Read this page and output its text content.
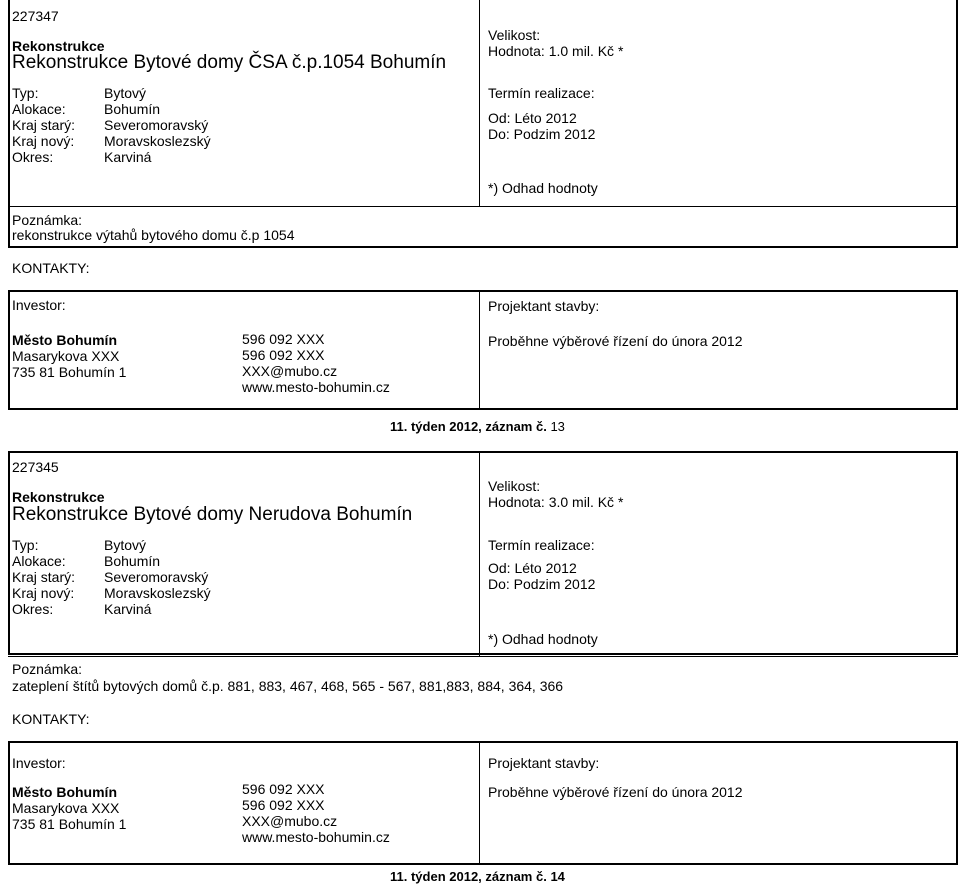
227347
Rekonstrukce
Rekonstrukce Bytové domy ČSA č.p.1054 Bohumín
Typ:	Bytový
Alokace:	Bohumín
Kraj starý: Severomoravský
Kraj nový: Moravskoslezský
Okres:	Karviná
Velikost:
Hodnota: 1.0 mil. Kč *
Termín realizace:
Od: Léto 2012
Do: Podzim 2012
*) Odhad hodnoty
Poznámka:
rekonstrukce výtahů bytového domu č.p 1054
KONTAKTY:
Investor:
Město Bohumín
Masarykova XXX
735 81 Bohumín 1
596 092 XXX
596 092 XXX
XXX@mubo.cz
www.mesto-bohumin.cz
Projektant stavby:
Proběhne výběrové řízení do února 2012
11. týden 2012, záznam č. 13
227345
Rekonstrukce
Rekonstrukce Bytové domy Nerudova Bohumín
Typ:	Bytový
Alokace:	Bohumín
Kraj starý: Severomoravský
Kraj nový: Moravskoslezský
Okres:	Karviná
Velikost:
Hodnota: 3.0 mil. Kč *
Termín realizace:
Od: Léto 2012
Do: Podzim 2012
*) Odhad hodnoty
Poznámka:
zateplení štítů bytových domů č.p. 881, 883, 467, 468, 565 - 567, 881,883, 884, 364, 366
KONTAKTY:
Investor:
Město Bohumín
Masarykova XXX
735 81 Bohumín 1
596 092 XXX
596 092 XXX
XXX@mubo.cz
www.mesto-bohumin.cz
Projektant stavby:
Proběhne výběrové řízení do února 2012
11. týden 2012, záznam č. 14
